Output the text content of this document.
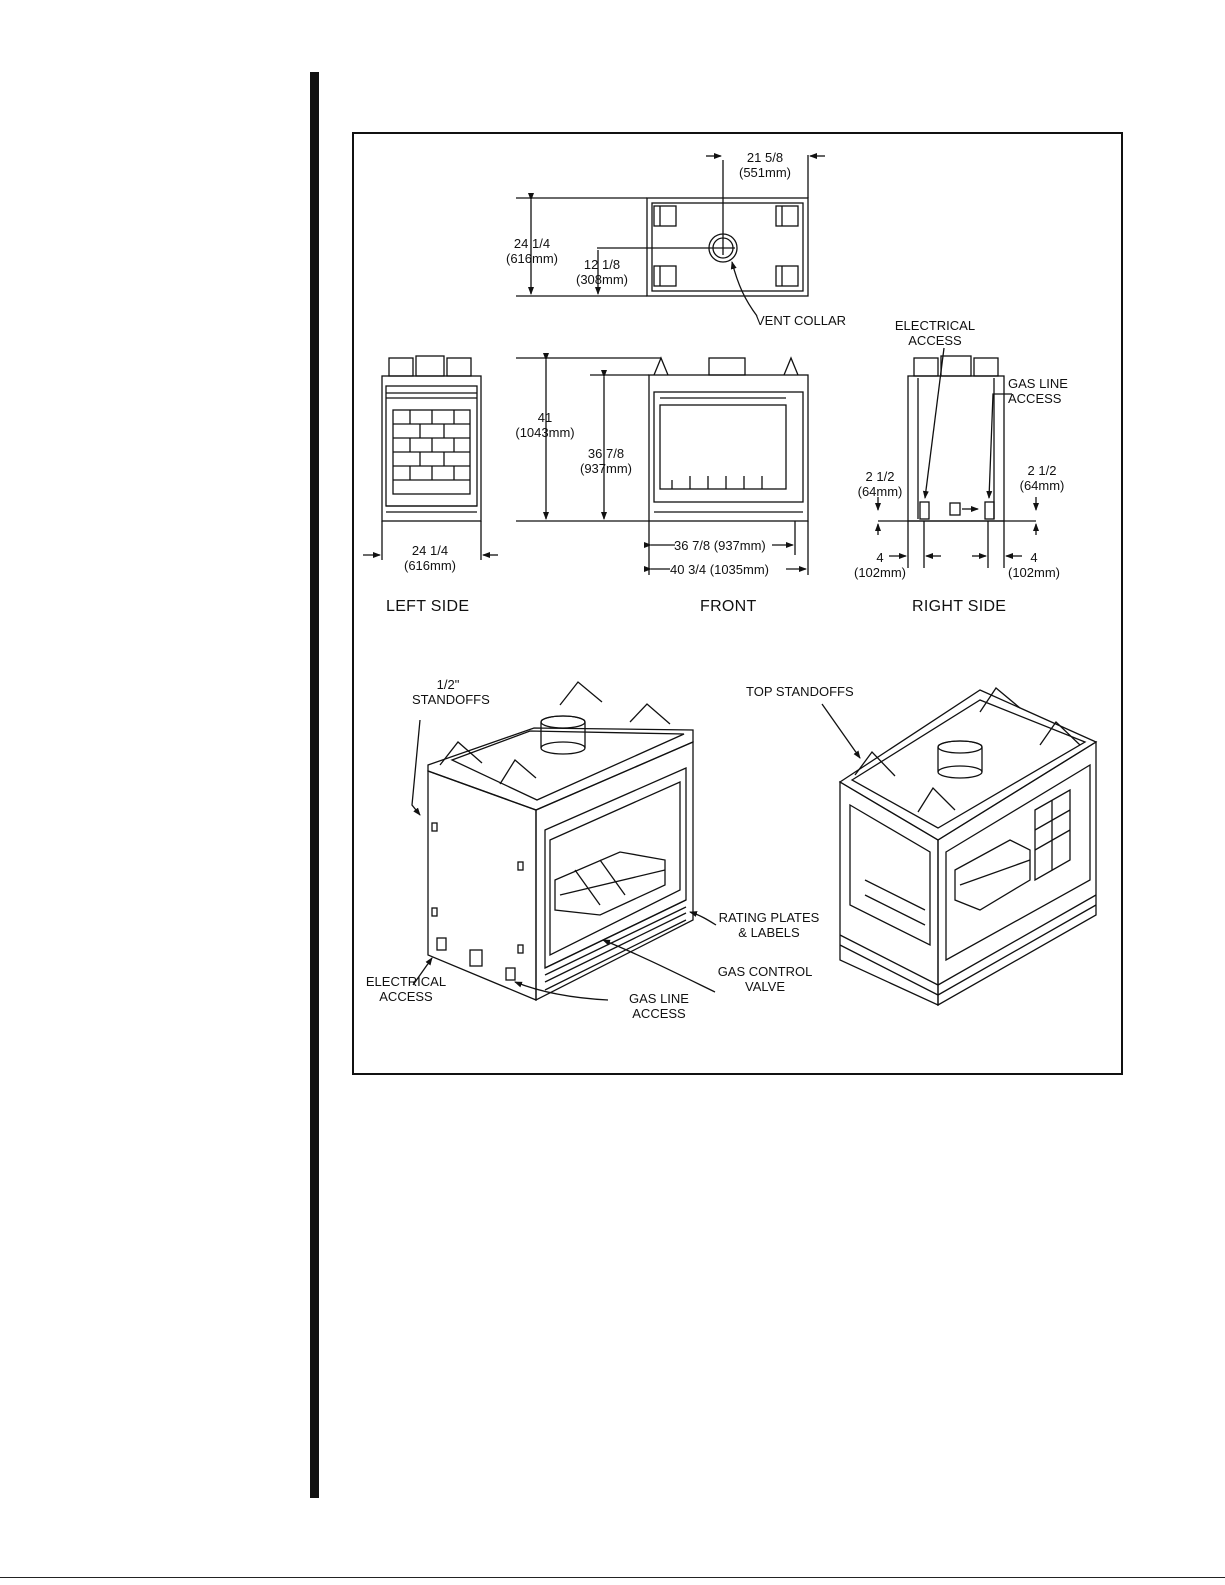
21 5/8
(551mm)
24 1/4
(616mm)	12 1/8
(308mm)
VENT COLLAR	ELECTRICAL
ACCESS
GAS LINE
ACCESS
41
(1043mm)
36 7/8
(937mm)
24 1/4
(616mm)
36 7/8 (937mm)
40 3/4 (1035mm)
2 1/2
(64mm)
2 1/2
(64mm)
4
(102mm)
4
(102mm)
LEFT SIDE	FRONT	RIGHT SIDE
1/2"
STANDOFFS
TOP STANDOFFS
RATING PLATES
& LABELS
GAS CONTROL
VALVE
ELECTRICAL
ACCESS	GAS LINE
ACCESS
